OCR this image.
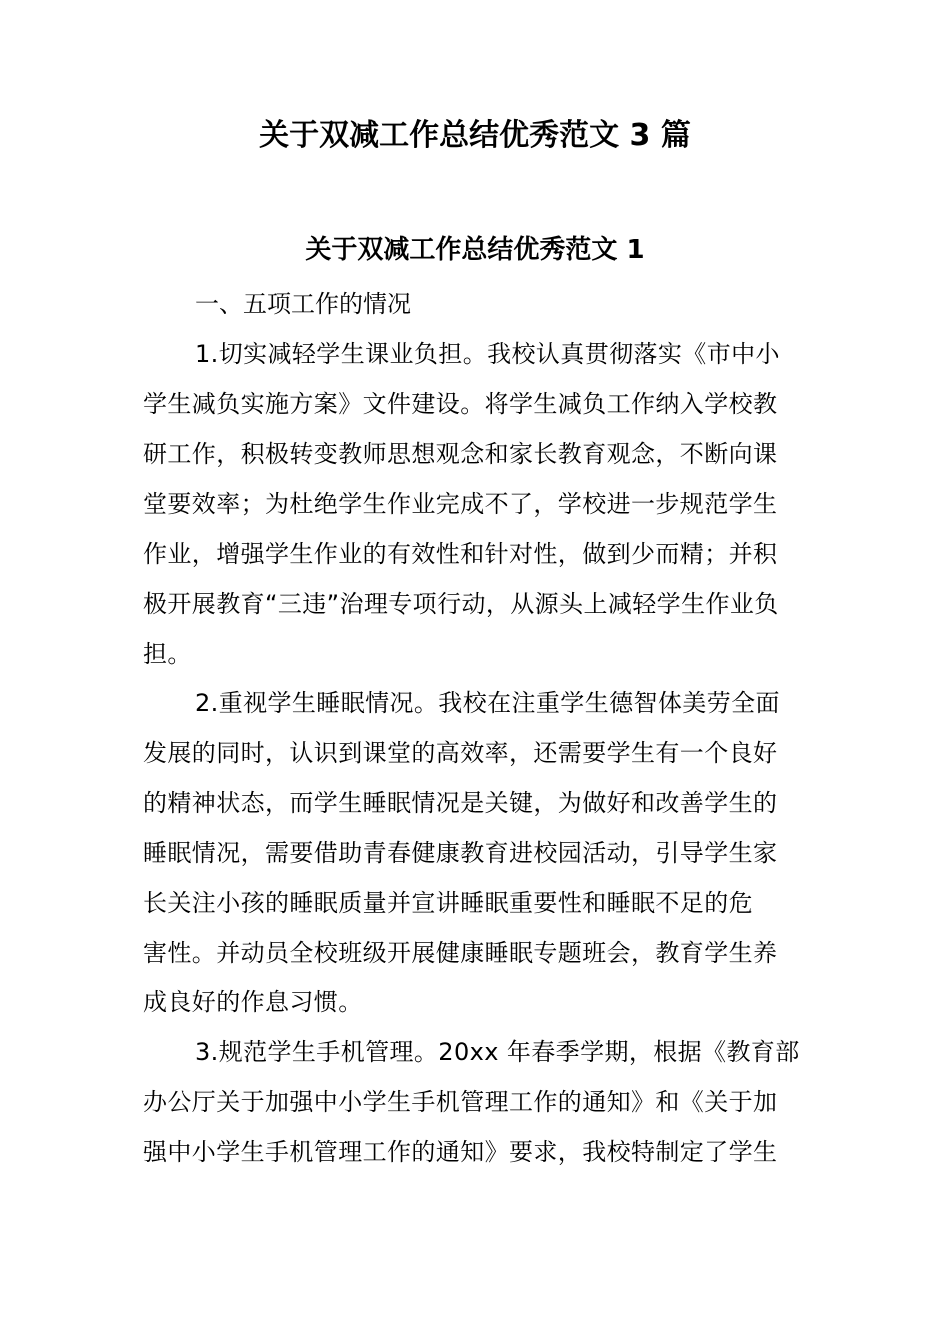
关于双减工作总结优秀范文 3 篇
关于双减工作总结优秀范文 1
一、五项工作的情况
1.切实减轻学生课业负担。我校认真贯彻落实《市中小
学生减负实施方案》文件建设。将学生减负工作纳入学校教
研工作，积极转变教师思想观念和家长教育观念，不断向课
堂要效率；为杜绝学生作业完成不了，学校进一步规范学生
作业，增强学生作业的有效性和针对性，做到少而精；并积
极开展教育“三违”治理专项行动，从源头上减轻学生作业负
担。
2.重视学生睡眠情况。我校在注重学生德智体美劳全面
发展的同时，认识到课堂的高效率，还需要学生有一个良好
的精神状态，而学生睡眠情况是关键，为做好和改善学生的
睡眠情况，需要借助青春健康教育进校园活动，引导学生家
长关注小孩的睡眠质量并宣讲睡眠重要性和睡眠不足的危
害性。并动员全校班级开展健康睡眠专题班会，教育学生养
成良好的作息习惯。
3.规范学生手机管理。20xx 年春季学期，根据《教育部
办公厅关于加强中小学生手机管理工作的通知》和《关于加
强中小学生手机管理工作的通知》要求，我校特制定了学生
